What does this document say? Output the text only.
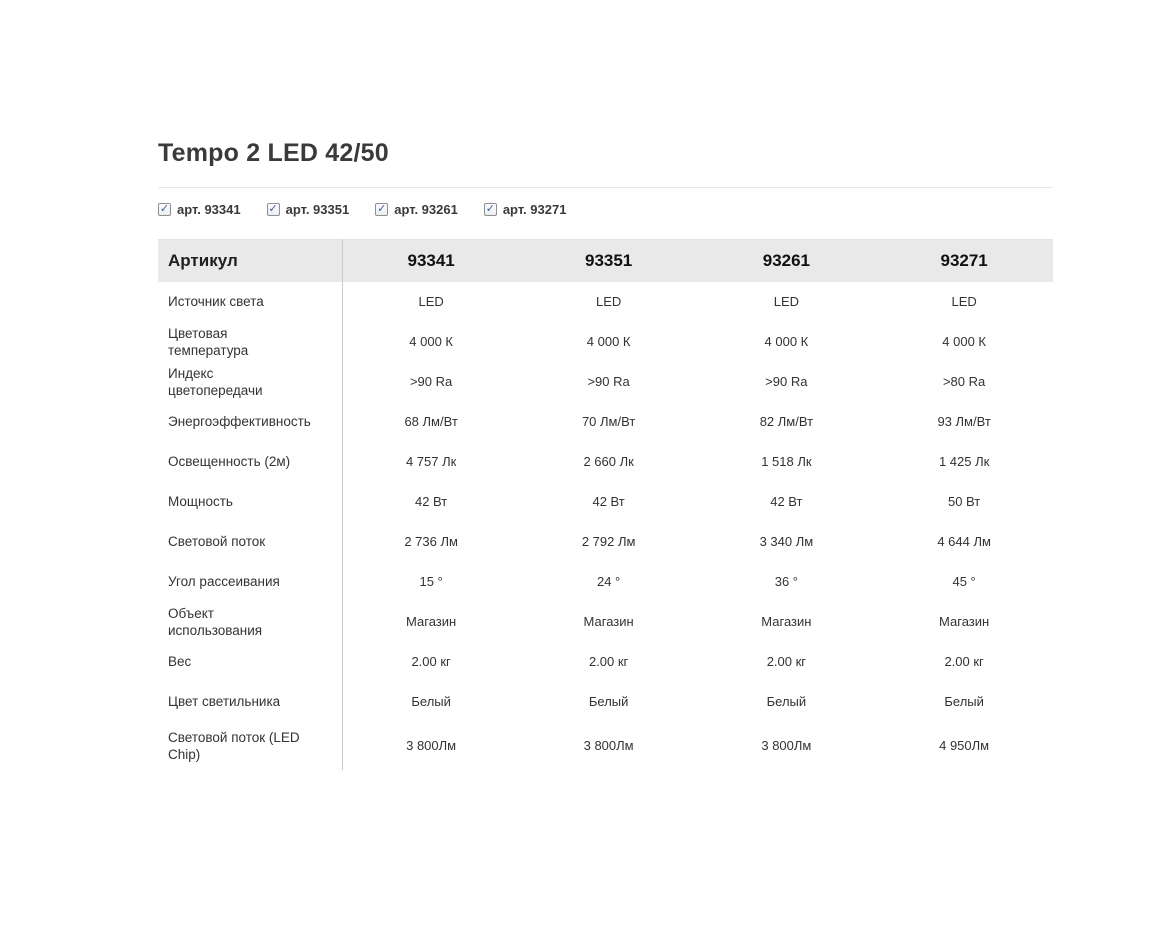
Tempo 2 LED 42/50
✓ арт. 93341	✓ арт. 93351	✓ арт. 93261	✓ арт. 93271
Артикул	93341	93351	93261	93271
Источник света	LED	LED	LED	LED
Цветовая температура	4 000 К	4 000 К	4 000 К	4 000 К
Индекс цветопередачи	>90 Ra	>90 Ra	>90 Ra	>80 Ra
Энергоэффективность	68 Лм/Вт	70 Лм/Вт	82 Лм/Вт	93 Лм/Вт
Освещенность (2м)	4 757 Лк	2 660 Лк	1 518 Лк	1 425 Лк
Мощность	42 Вт	42 Вт	42 Вт	50 Вт
Световой поток	2 736 Лм	2 792 Лм	3 340 Лм	4 644 Лм
Угол рассеивания	15 °	24 °	36 °	45 °
Объект использования	Магазин	Магазин	Магазин	Магазин
Вес	2.00 кг	2.00 кг	2.00 кг	2.00 кг
Цвет светильника	Белый	Белый	Белый	Белый
Световой поток (LED Chip)	3 800Лм	3 800Лм	3 800Лм	4 950Лм
